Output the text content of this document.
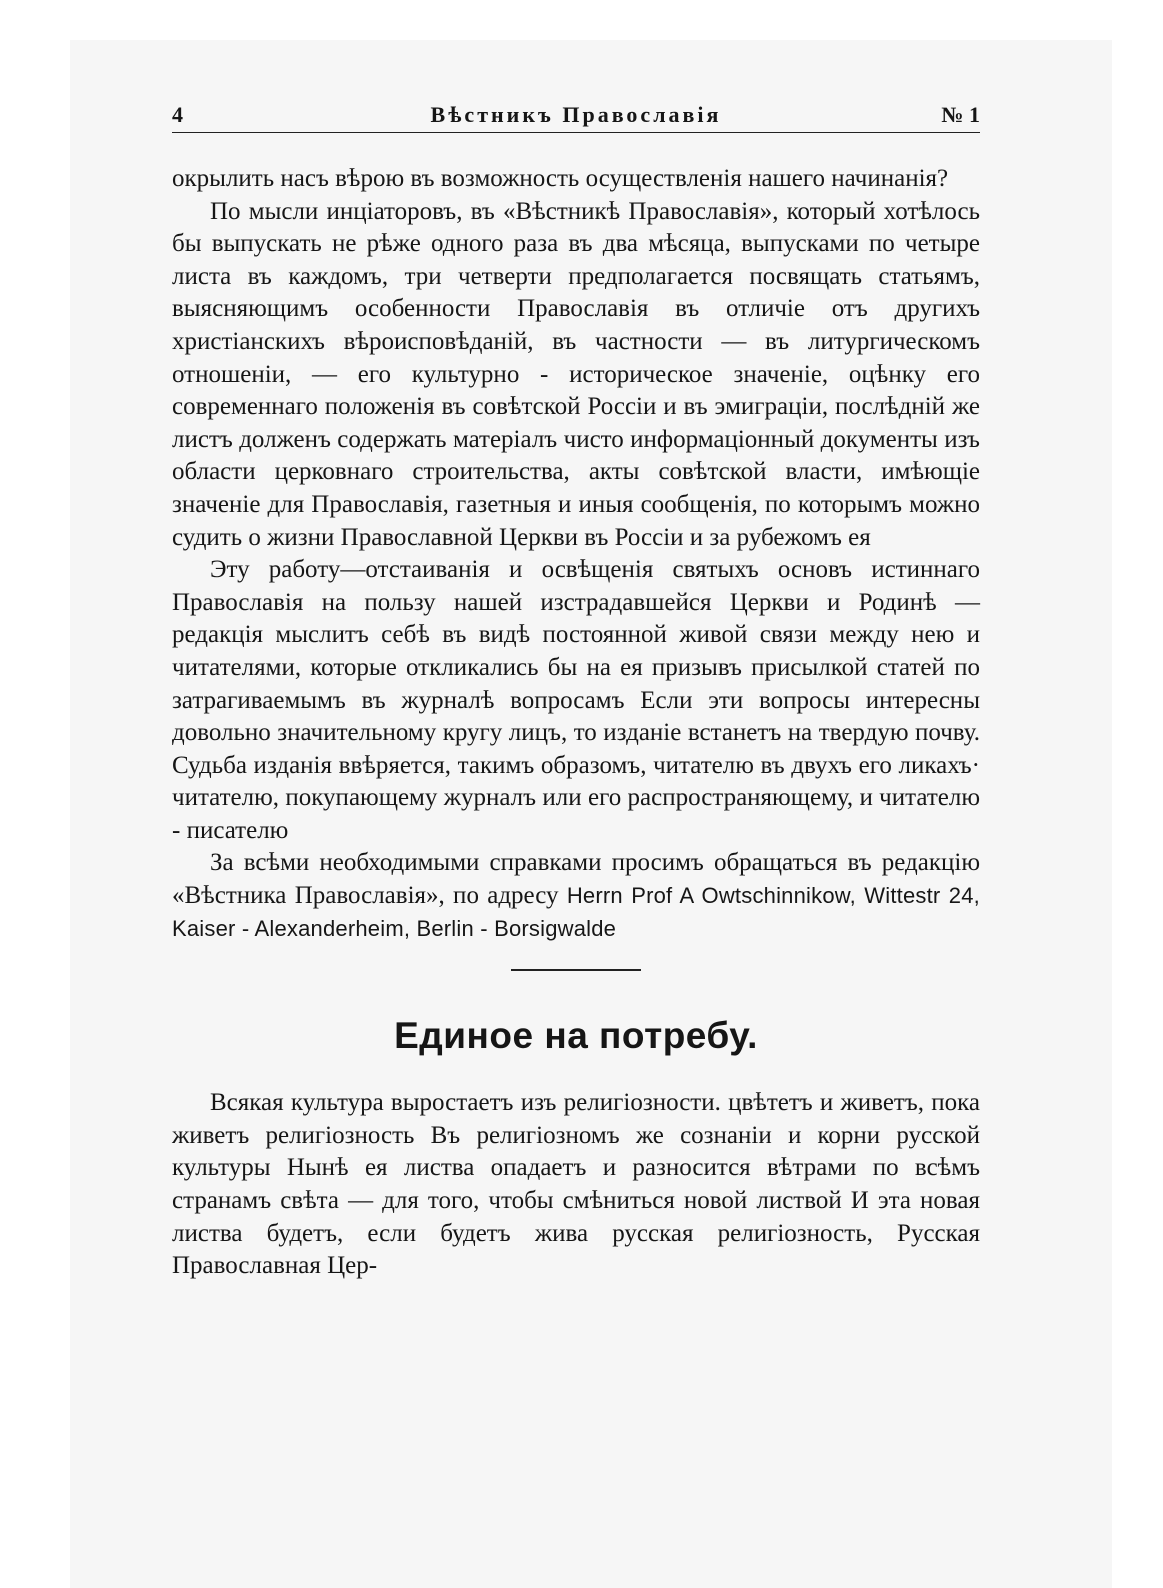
4	Вѣстникъ Православія	№ 1

окрылить насъ вѣрою въ возможность осуществленія нашего начинанія?

По мысли инціаторовъ, въ «Вѣстникѣ Православія», который хотѣлось бы выпускать не рѣже одного раза въ два мѣсяца, выпусками по четыре листа въ каждомъ, три четверти предполагается посвящать статьямъ, выясняющимъ особенности Православія въ отличіе отъ другихъ христіанскихъ вѣроисповѣданій, въ частности — въ литургическомъ отношеніи, — его культурно - историческое значеніе, оцѣнку его современнаго положенія въ совѣтской Россіи и въ эмиграціи, послѣдній же листъ долженъ содержать матеріалъ чисто информаціонный документы изъ области церковнаго строительства, акты совѣтской власти, имѣющіе значеніе для Православія, газетныя и иныя сообщенія, по которымъ можно судить о жизни Православной Церкви въ Россіи и за рубежомъ ея

Эту работу—отстаиванія и освѣщенія святыхъ основъ истиннаго Православія на пользу нашей изстрадавшейся Церкви и Родинѣ — редакція мыслитъ себѣ въ видѣ постоянной живой связи между нею и читателями, которые откликались бы на ея призывъ присылкой статей по затрагиваемымъ въ журналѣ вопросамъ Если эти вопросы интересны довольно значительному кругу лицъ, то изданіе встанетъ на твердую почву. Судьба изданія ввѣряется, такимъ образомъ, читателю въ двухъ его ликахъ· читателю, покупающему журналъ или его распространяющему, и читателю - писателю

За всѣми необходимыми справками просимъ обращаться въ редакцію «Вѣстника Православія», по адресу Herrn Prof A Owtschinnikow, Wittestr 24, Kaiser - Alexanderheim, Berlin - Borsigwalde

Единое на потребу.

Всякая культура выростаетъ изъ религіозности. цвѣтетъ и живетъ, пока живетъ религіозность Въ религіозномъ же сознаніи и корни русской культуры Нынѣ ея листва опадаетъ и разносится вѣтрами по всѣмъ странамъ свѣта — для того, чтобы смѣниться новой листвой И эта новая листва будетъ, если будетъ жива русская религіозность, Русская Православная Цер-
